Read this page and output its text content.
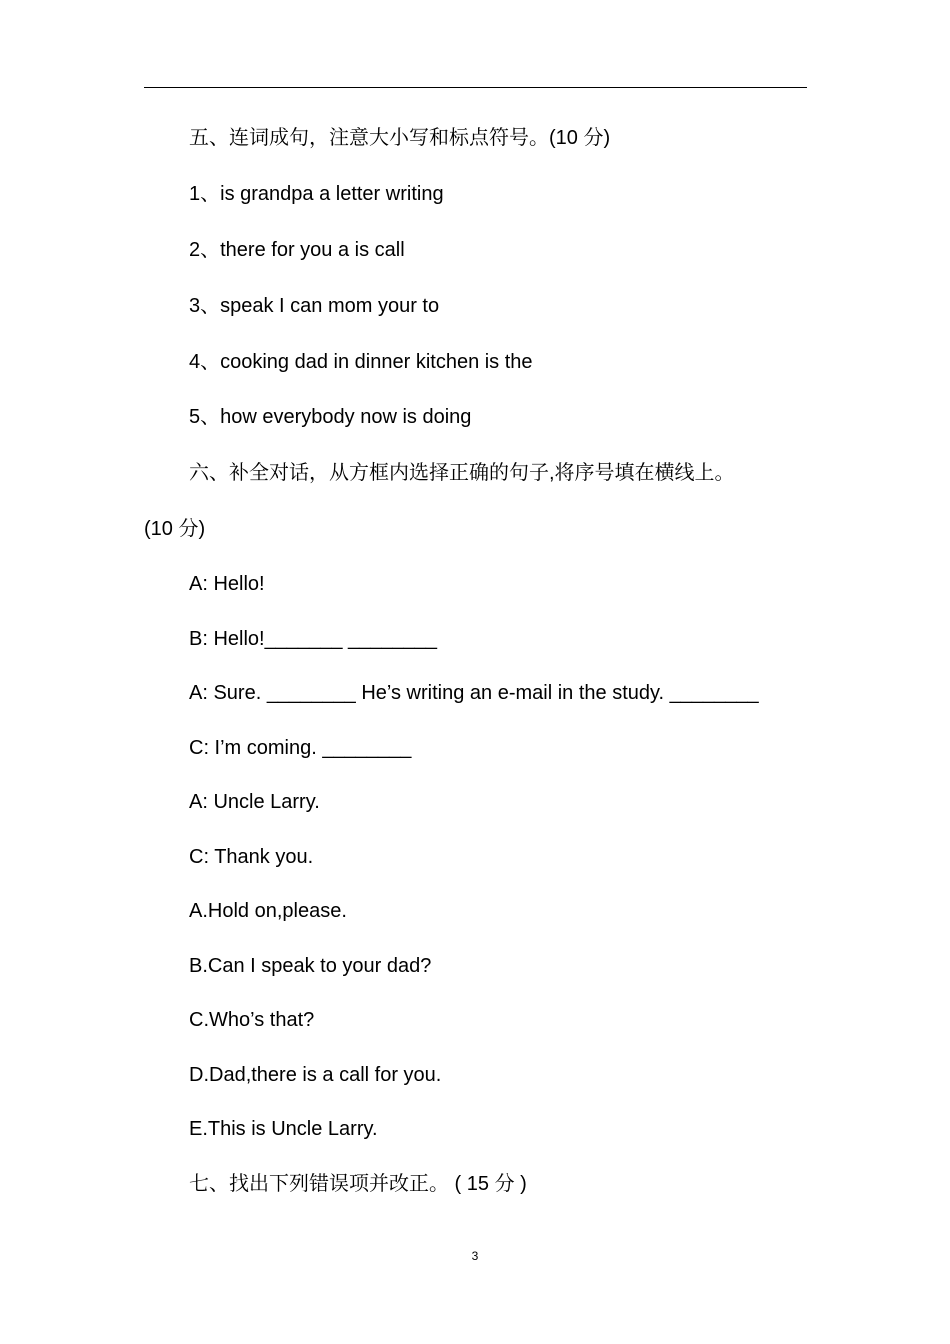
五、连词成句，注意大小写和标点符号。(10 分)
1、is grandpa a letter writing
2、there for you a is call
3、speak I can mom your to
4、cooking dad in dinner kitchen is the
5、how everybody now is doing
六、补全对话，从方框内选择正确的句子,将序号填在横线上。
(10 分)
A: Hello!
B: Hello!_______ ________
A: Sure. ________ He’s writing an e-mail in the study. ________
C: I’m coming. ________
A: Uncle Larry.
C: Thank you.
A.Hold on,please.
B.Can I speak to your dad?
C.Who’s that?
D.Dad,there is a call for you.
E.This is Uncle Larry.
七、找出下列错误项并改正。 ( 15 分 )
3
